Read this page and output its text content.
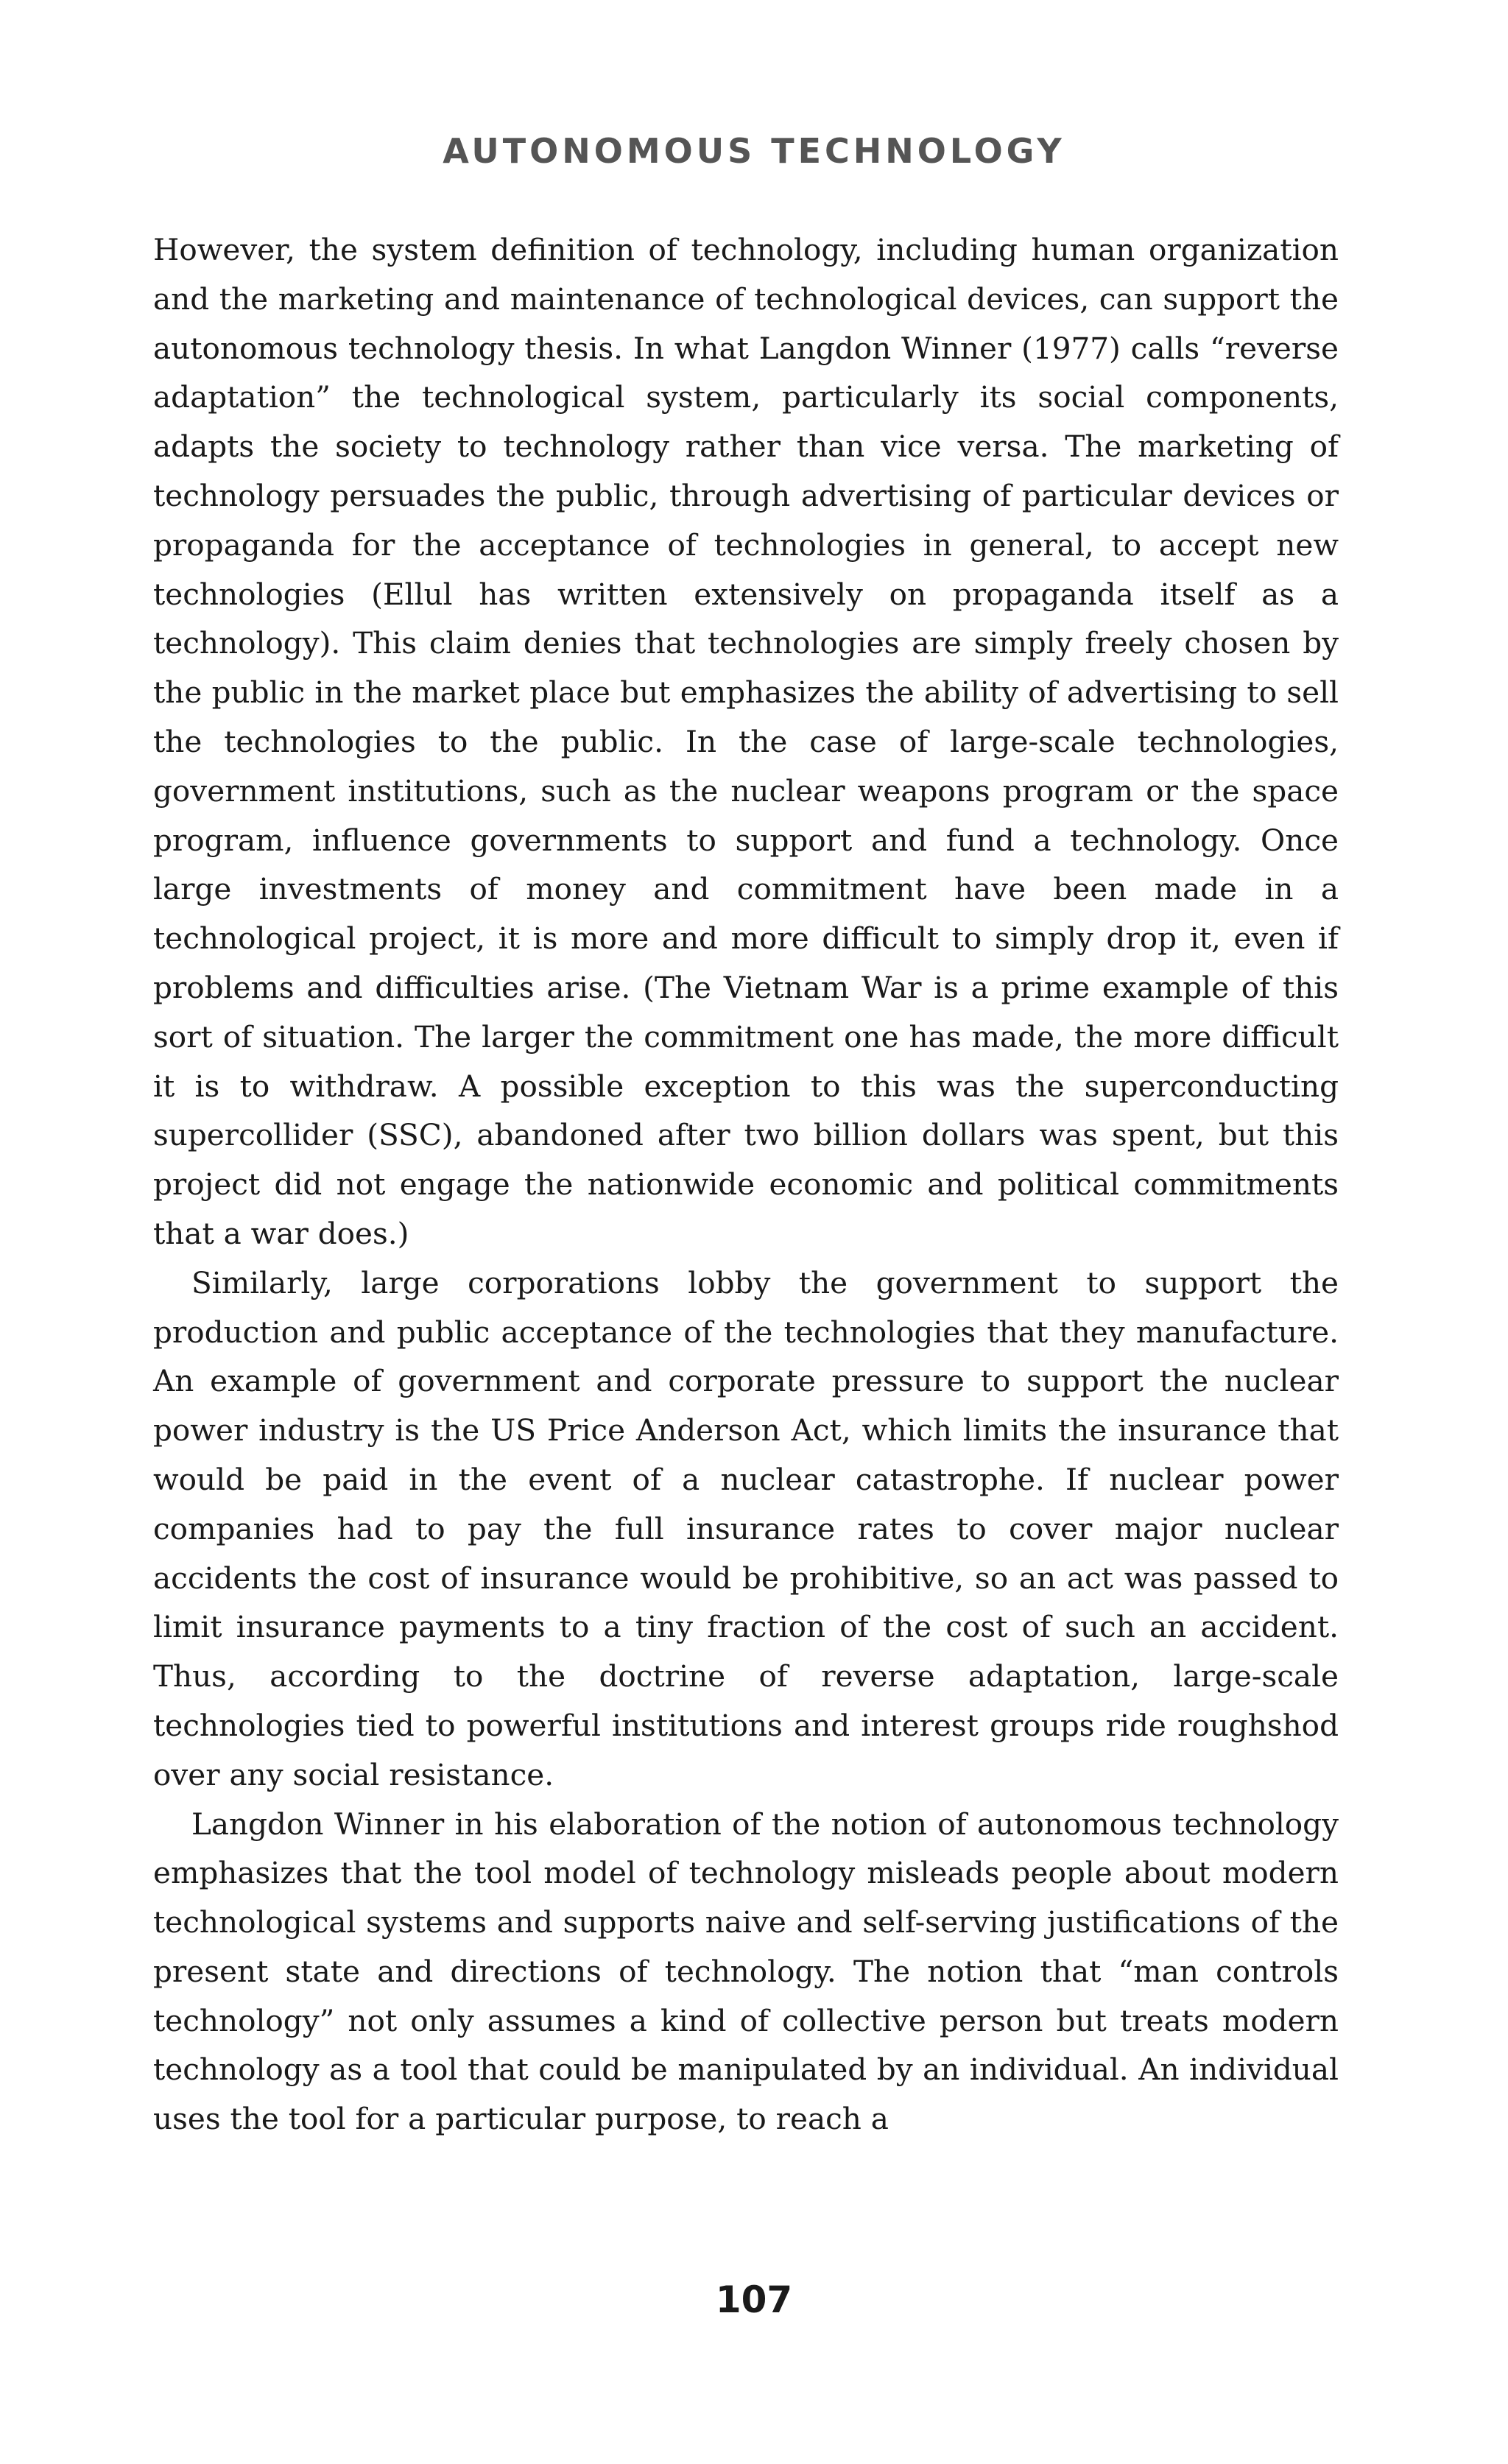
AUTONOMOUS TECHNOLOGY

However, the system definition of technology, including human organization and the marketing and maintenance of technological devices, can support the autonomous technology thesis. In what Langdon Winner (1977) calls “reverse adaptation” the technological system, particularly its social components, adapts the society to technology rather than vice versa. The marketing of technology persuades the public, through advertising of particular devices or propaganda for the acceptance of technologies in general, to accept new technologies (Ellul has written extensively on propaganda itself as a technology). This claim denies that technologies are simply freely chosen by the public in the market place but emphasizes the ability of advertising to sell the technologies to the public. In the case of large-scale technologies, government institutions, such as the nuclear weapons program or the space program, influence governments to support and fund a technology. Once large investments of money and commitment have been made in a technological project, it is more and more difficult to simply drop it, even if problems and difficulties arise. (The Vietnam War is a prime example of this sort of situation. The larger the commitment one has made, the more difficult it is to withdraw. A possible exception to this was the superconducting supercollider (SSC), abandoned after two billion dollars was spent, but this project did not engage the nationwide economic and political commitments that a war does.)

Similarly, large corporations lobby the government to support the production and public acceptance of the technologies that they manufacture. An example of government and corporate pressure to support the nuclear power industry is the US Price Anderson Act, which limits the insurance that would be paid in the event of a nuclear catastrophe. If nuclear power companies had to pay the full insurance rates to cover major nuclear accidents the cost of insurance would be prohibitive, so an act was passed to limit insurance payments to a tiny fraction of the cost of such an accident. Thus, according to the doctrine of reverse adaptation, large-scale technologies tied to powerful institutions and interest groups ride roughshod over any social resistance.

Langdon Winner in his elaboration of the notion of autonomous technology emphasizes that the tool model of technology misleads people about modern technological systems and supports naive and self-serving justifications of the present state and directions of technology. The notion that “man controls technology” not only assumes a kind of collective person but treats modern technology as a tool that could be manipulated by an individual. An individual uses the tool for a particular purpose, to reach a

107
